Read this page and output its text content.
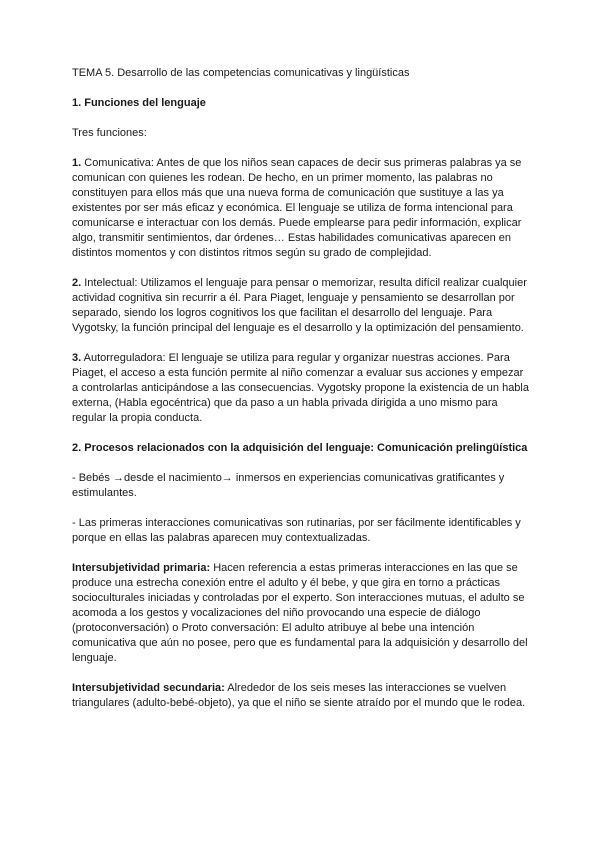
TEMA 5. Desarrollo de las competencias comunicativas y lingüísticas

1. Funciones del lenguaje

Tres funciones:

1. Comunicativa: Antes de que los niños sean capaces de decir sus primeras palabras ya se comunican con quienes les rodean. De hecho, en un primer momento, las palabras no constituyen para ellos más que una nueva forma de comunicación que sustituye a las ya existentes por ser más eficaz y económica. El lenguaje se utiliza de forma intencional para comunicarse e interactuar con los demás. Puede emplearse para pedir información, explicar algo, transmitir sentimientos, dar órdenes… Estas habilidades comunicativas aparecen en distintos momentos y con distintos ritmos según su grado de complejidad.

2. Intelectual: Utilizamos el lenguaje para pensar o memorizar, resulta difícil realizar cualquier actividad cognitiva sin recurrir a él. Para Piaget, lenguaje y pensamiento se desarrollan por separado, siendo los logros cognitivos los que facilitan el desarrollo del lenguaje. Para Vygotsky, la función principal del lenguaje es el desarrollo y la optimización del pensamiento.

3. Autorreguladora: El lenguaje se utiliza para regular y organizar nuestras acciones. Para Piaget, el acceso a esta función permite al niño comenzar a evaluar sus acciones y empezar a controlarlas anticipándose a las consecuencias. Vygotsky propone la existencia de un habla externa, (Habla egocéntrica) que da paso a un habla privada dirigida a uno mismo para regular la propia conducta.

2. Procesos relacionados con la adquisición del lenguaje: Comunicación prelingüística

- Bebés →desde el nacimiento→ inmersos en experiencias comunicativas gratificantes y estimulantes.

- Las primeras interacciones comunicativas son rutinarias, por ser fácilmente identificables y porque en ellas las palabras aparecen muy contextualizadas.

Intersubjetividad primaria: Hacen referencia a estas primeras interacciones en las que se produce una estrecha conexión entre el adulto y él bebe, y que gira en torno a prácticas socioculturales iniciadas y controladas por el experto. Son interacciones mutuas, el adulto se acomoda a los gestos y vocalizaciones del niño provocando una especie de diálogo (protoconversación) o Proto conversación: El adulto atribuye al bebe una intención comunicativa que aún no posee, pero que es fundamental para la adquisición y desarrollo del lenguaje.

Intersubjetividad secundaria: Alrededor de los seis meses las interacciones se vuelven triangulares (adulto-bebé-objeto), ya que el niño se siente atraído por el mundo que le rodea.
